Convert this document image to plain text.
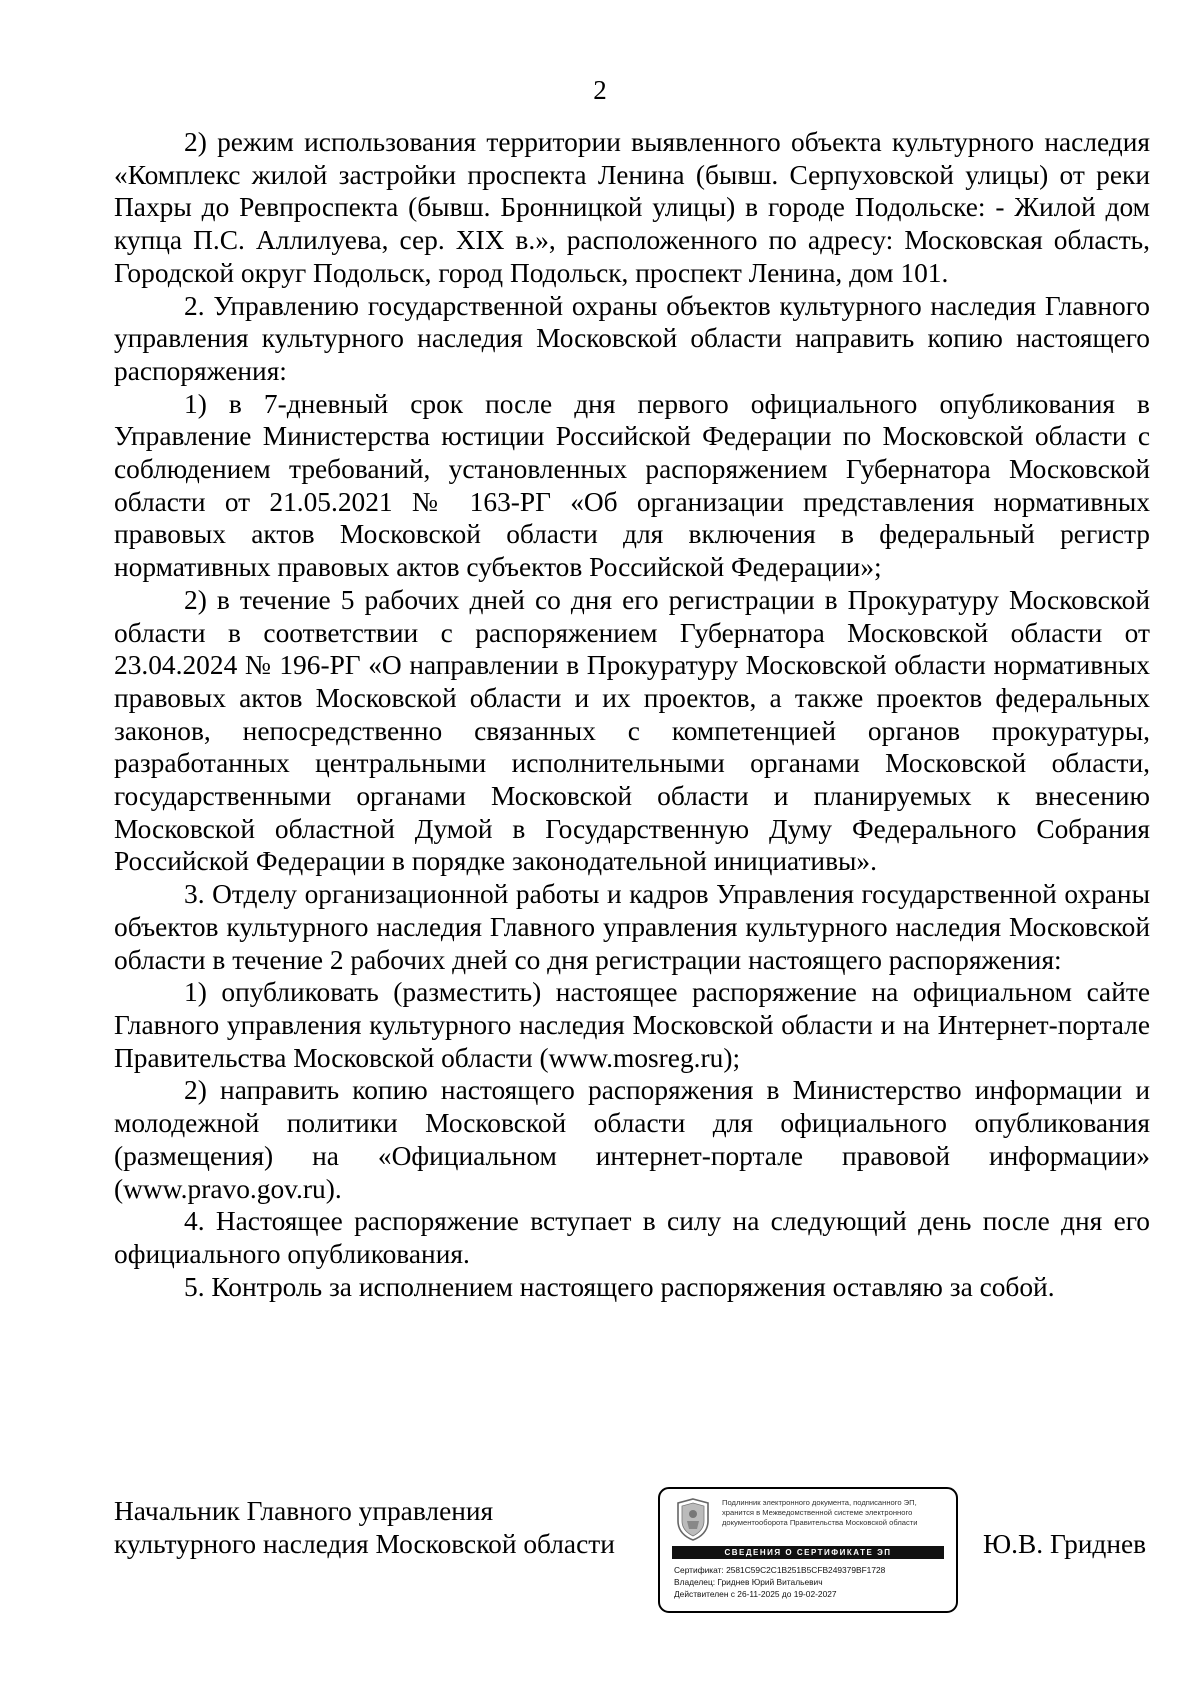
2

2) режим использования территории выявленного объекта культурного наследия «Комплекс жилой застройки проспекта Ленина (бывш. Серпуховской улицы) от реки Пахры до Ревпроспекта (бывш. Бронницкой улицы) в городе Подольске: - Жилой дом купца П.С. Аллилуева, сер. XIX в.», расположенного по адресу: Московская область, Городской округ Подольск, город Подольск, проспект Ленина, дом 101.

2. Управлению государственной охраны объектов культурного наследия Главного управления культурного наследия Московской области направить копию настоящего распоряжения:

1) в 7-дневный срок после дня первого официального опубликования в Управление Министерства юстиции Российской Федерации по Московской области с соблюдением требований, установленных распоряжением Губернатора Московской области от 21.05.2021 № 163-РГ «Об организации представления нормативных правовых актов Московской области для включения в федеральный регистр нормативных правовых актов субъектов Российской Федерации»;

2) в течение 5 рабочих дней со дня его регистрации в Прокуратуру Московской области в соответствии с распоряжением Губернатора Московской области от 23.04.2024 № 196-РГ «О направлении в Прокуратуру Московской области нормативных правовых актов Московской области и их проектов, а также проектов федеральных законов, непосредственно связанных с компетенцией органов прокуратуры, разработанных центральными исполнительными органами Московской области, государственными органами Московской области и планируемых к внесению Московской областной Думой в Государственную Думу Федерального Собрания Российской Федерации в порядке законодательной инициативы».

3. Отделу организационной работы и кадров Управления государственной охраны объектов культурного наследия Главного управления культурного наследия Московской области в течение 2 рабочих дней со дня регистрации настоящего распоряжения:

1) опубликовать (разместить) настоящее распоряжение на официальном сайте Главного управления культурного наследия Московской области и на Интернет-портале Правительства Московской области (www.mosreg.ru);

2) направить копию настоящего распоряжения в Министерство информации и молодежной политики Московской области для официального опубликования (размещения) на «Официальном интернет-портале правовой информации» (www.pravo.gov.ru).

4. Настоящее распоряжение вступает в силу на следующий день после дня его официального опубликования.

5. Контроль за исполнением настоящего распоряжения оставляю за собой.

Начальник Главного управления
культурного наследия Московской области
Подлинник электронного документа, подписанного ЭП, хранится в Межведомственной системе электронного документооборота Правительства Московской области
СВЕДЕНИЯ О СЕРТИФИКАТЕ ЭП
Сертификат: 2581C59C2C1B251B5CFB249379BF1728
Владелец: Гриднев Юрий Витальевич
Действителен с 26-11-2025 до 19-02-2027
Ю.В. Гриднев
